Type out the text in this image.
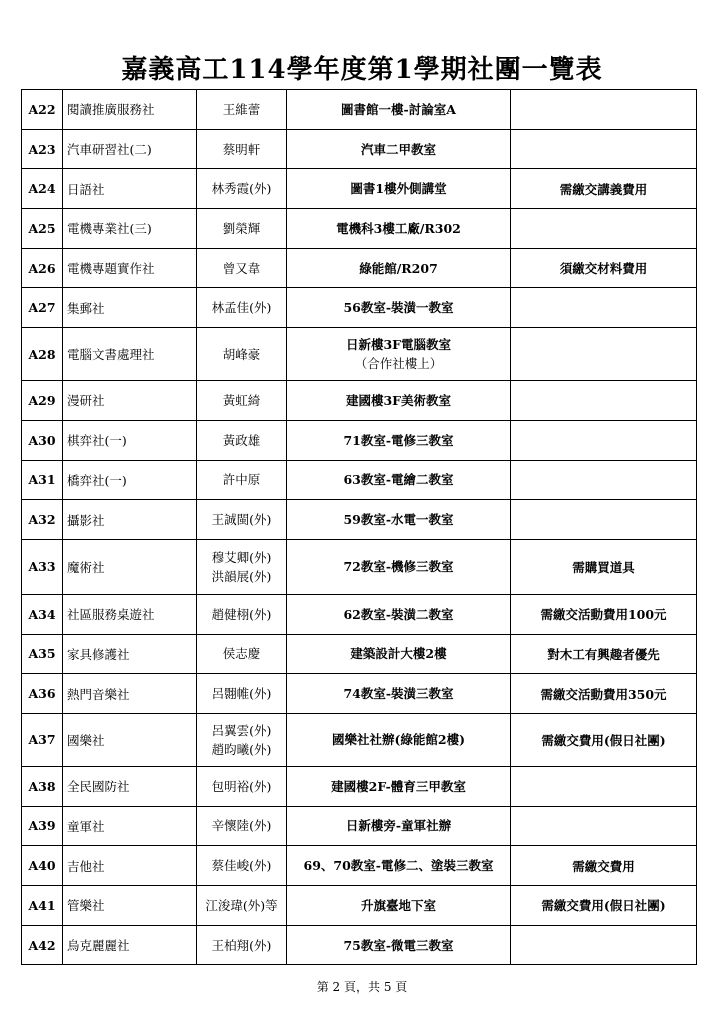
嘉義高工114學年度第1學期社團一覽表
A22	閱讀推廣服務社	王維蕾	圖書館一樓-討論室A	

A23	汽車研習社(二)	蔡明軒	汽車二甲教室	

A24	日語社	林秀霞(外)	圖書1樓外側講堂	需繳交講義費用
A25	電機專業社(三)	劉榮輝	電機科3樓工廠/R302	

A26	電機專題實作社	曾又韋	綠能館/R207	須繳交材料費用
A27	集郵社	林孟佳(外)	56教室-裝潢一教室	

A28	電腦文書處理社	胡峰豪	日新樓3F電腦教室
（合作社樓上）	

A29	漫研社	黃虹綺	建國樓3F美術教室	

A30	棋弈社(一)	黃政雄	71教室-電修三教室	

A31	橋弈社(一)	許中原	63教室-電繪二教室	

A32	攝影社	王誠閩(外)	59教室-水電一教室	

A33	魔術社	穆艾卿(外)
洪韻展(外)	72教室-機修三教室	需購買道具
A34	社區服務桌遊社	趙健栩(外)	62教室-裝潢二教室	需繳交活動費用100元
A35	家具修護社	侯志慶	建築設計大樓2樓	對木工有興趣者優先
A36	熱門音樂社	呂翾帷(外)	74教室-裝潢三教室	需繳交活動費用350元
A37	國樂社	呂翼雲(外)
趙昀曦(外)	國樂社社辦(綠能館2樓)	需繳交費用(假日社團)
A38	全民國防社	包明裕(外)	建國樓2F-體育三甲教室	

A39	童軍社	辛懷陸(外)	日新樓旁-童軍社辦	

A40	吉他社	蔡佳峻(外)	69、70教室-電修二、塗裝三教室	需繳交費用
A41	管樂社	江浚瑋(外)等	升旗臺地下室	需繳交費用(假日社團)
A42	烏克麗麗社	王柏翔(外)	75教室-微電三教室	

第 2 頁，共 5 頁
